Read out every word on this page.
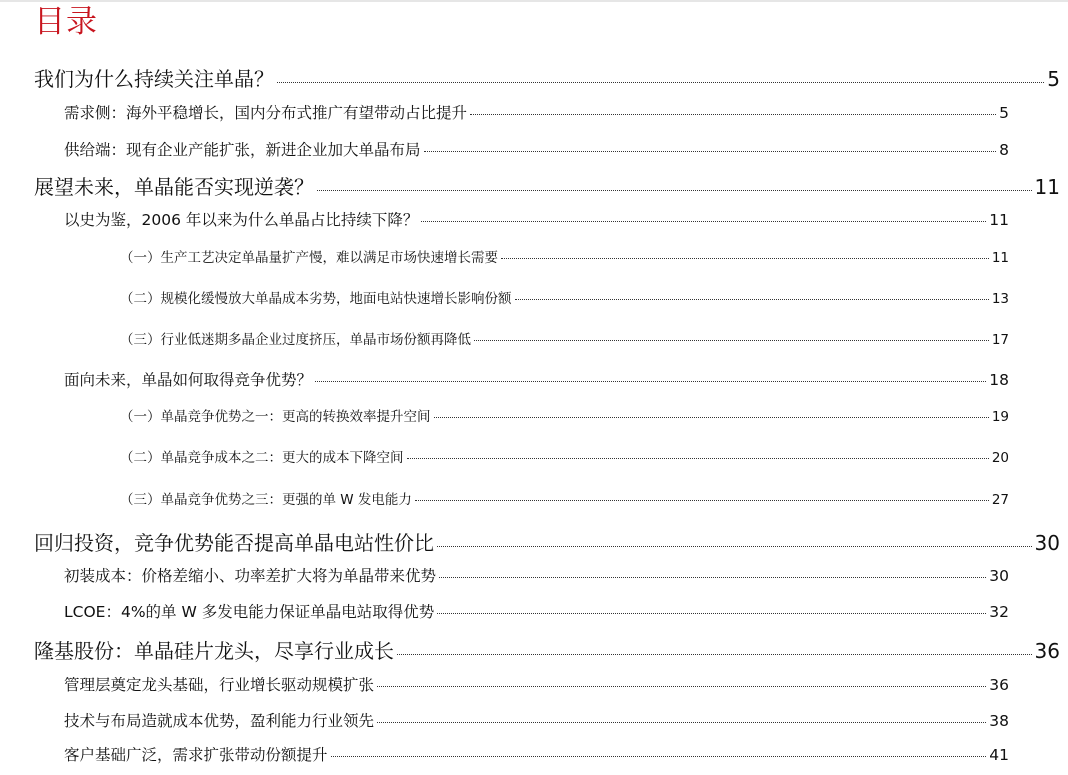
目录
我们为什么持续关注单晶？	5
需求侧：海外平稳增长，国内分布式推广有望带动占比提升	5
供给端：现有企业产能扩张，新进企业加大单晶布局	8
展望未来，单晶能否实现逆袭？	11
以史为鉴，2006 年以来为什么单晶占比持续下降？	11
（一）生产工艺决定单晶量扩产慢，难以满足市场快速增长需要	11
（二）规模化缓慢放大单晶成本劣势，地面电站快速增长影响份额	13
（三）行业低迷期多晶企业过度挤压，单晶市场份额再降低	17
面向未来，单晶如何取得竞争优势？	18
（一）单晶竞争优势之一：更高的转换效率提升空间	19
（二）单晶竞争成本之二：更大的成本下降空间	20
（三）单晶竞争优势之三：更强的单 W 发电能力	27
回归投资，竞争优势能否提高单晶电站性价比	30
初装成本：价格差缩小、功率差扩大将为单晶带来优势	30
LCOE：4%的单 W 多发电能力保证单晶电站取得优势	32
隆基股份：单晶硅片龙头，尽享行业成长	36
管理层奠定龙头基础，行业增长驱动规模扩张	36
技术与布局造就成本优势，盈利能力行业领先	38
客户基础广泛，需求扩张带动份额提升	41
